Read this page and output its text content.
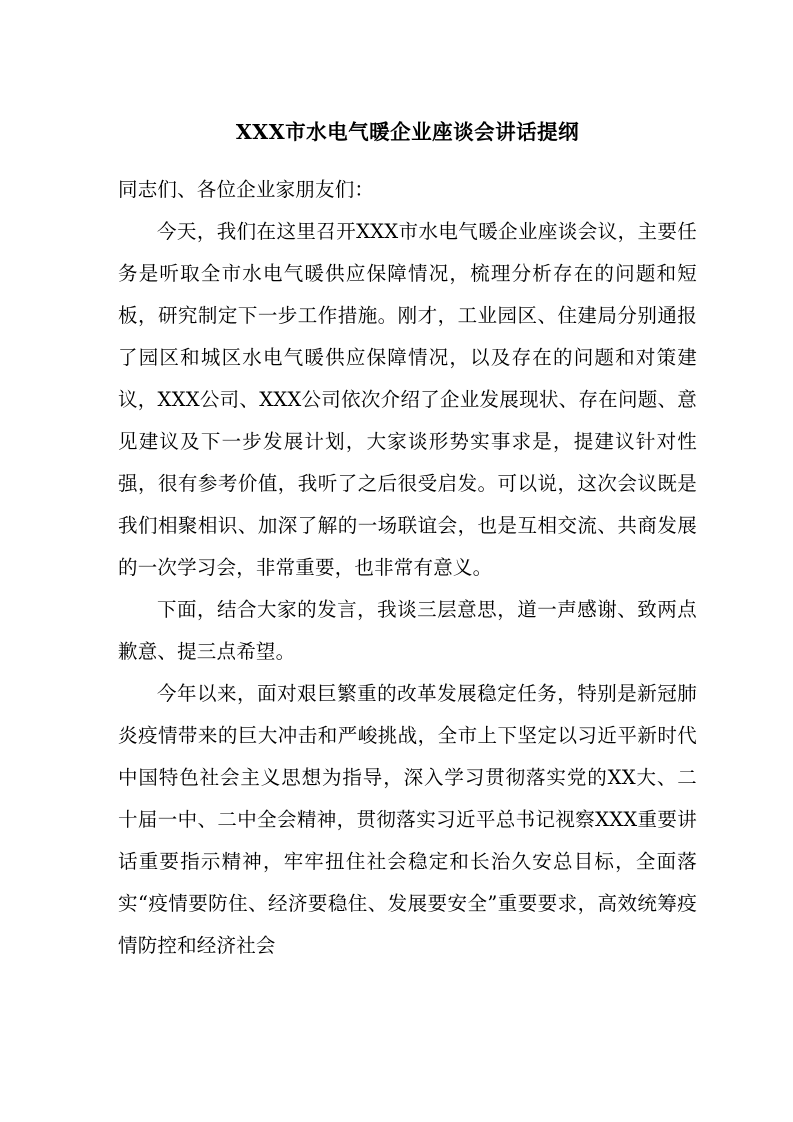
XXX市水电气暖企业座谈会讲话提纲

同志们、各位企业家朋友们：

今天，我们在这里召开XXX市水电气暖企业座谈会议，主要任务是听取全市水电气暖供应保障情况，梳理分析存在的问题和短板，研究制定下一步工作措施。刚才，工业园区、住建局分别通报了园区和城区水电气暖供应保障情况，以及存在的问题和对策建议，XXX公司、XXX公司依次介绍了企业发展现状、存在问题、意见建议及下一步发展计划，大家谈形势实事求是，提建议针对性强，很有参考价值，我听了之后很受启发。可以说，这次会议既是我们相聚相识、加深了解的一场联谊会，也是互相交流、共商发展的一次学习会，非常重要，也非常有意义。

下面，结合大家的发言，我谈三层意思，道一声感谢、致两点歉意、提三点希望。

今年以来，面对艰巨繁重的改革发展稳定任务，特别是新冠肺炎疫情带来的巨大冲击和严峻挑战，全市上下坚定以习近平新时代中国特色社会主义思想为指导，深入学习贯彻落实党的XX大、二十届一中、二中全会精神，贯彻落实习近平总书记视察XXX重要讲话重要指示精神，牢牢扭住社会稳定和长治久安总目标，全面落实“疫情要防住、经济要稳住、发展要安全”重要要求，高效统筹疫情防控和经济社会
